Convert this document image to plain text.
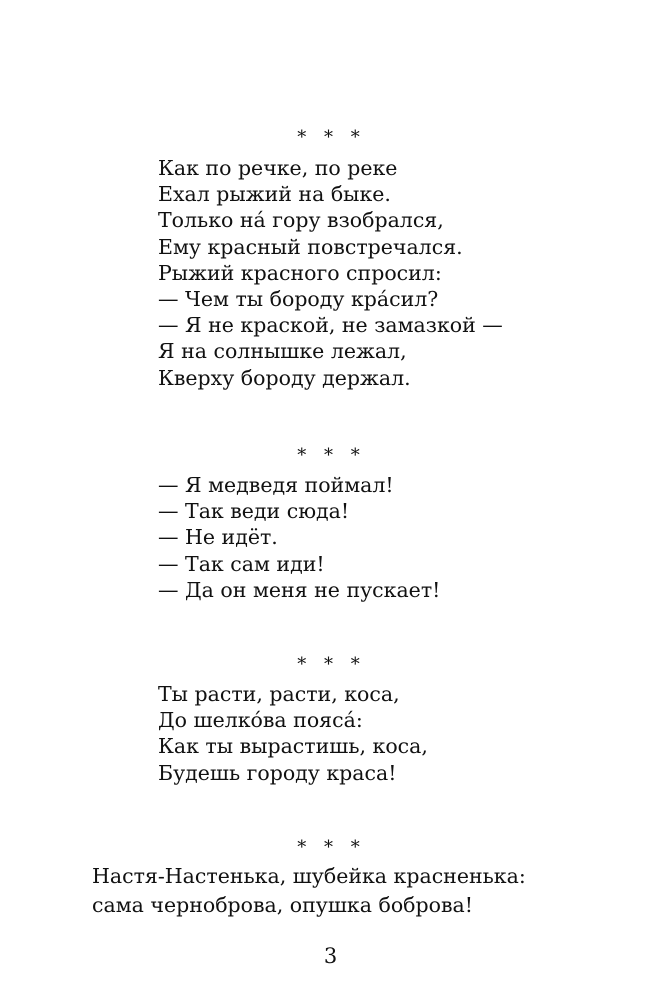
* * *
Как по речке, по реке
Ехал рыжий на быке.
Только на́ гору взобрался,
Ему красный повстречался.
Рыжий красного спросил:
— Чем ты бороду кра́сил?
— Я не краской, не замазкой —
Я на солнышке лежал,
Кверху бороду держал.
* * *
— Я медведя поймал!
— Так веди сюда!
— Не идёт.
— Так сам иди!
— Да он меня не пускает!
* * *
Ты расти, расти, коса,
До шелко́ва пояса́:
Как ты вырастишь, коса,
Будешь городу краса!
* * *
Настя-Настенька, шубейка красненька:
сама черноброва, опушка боброва!
3
